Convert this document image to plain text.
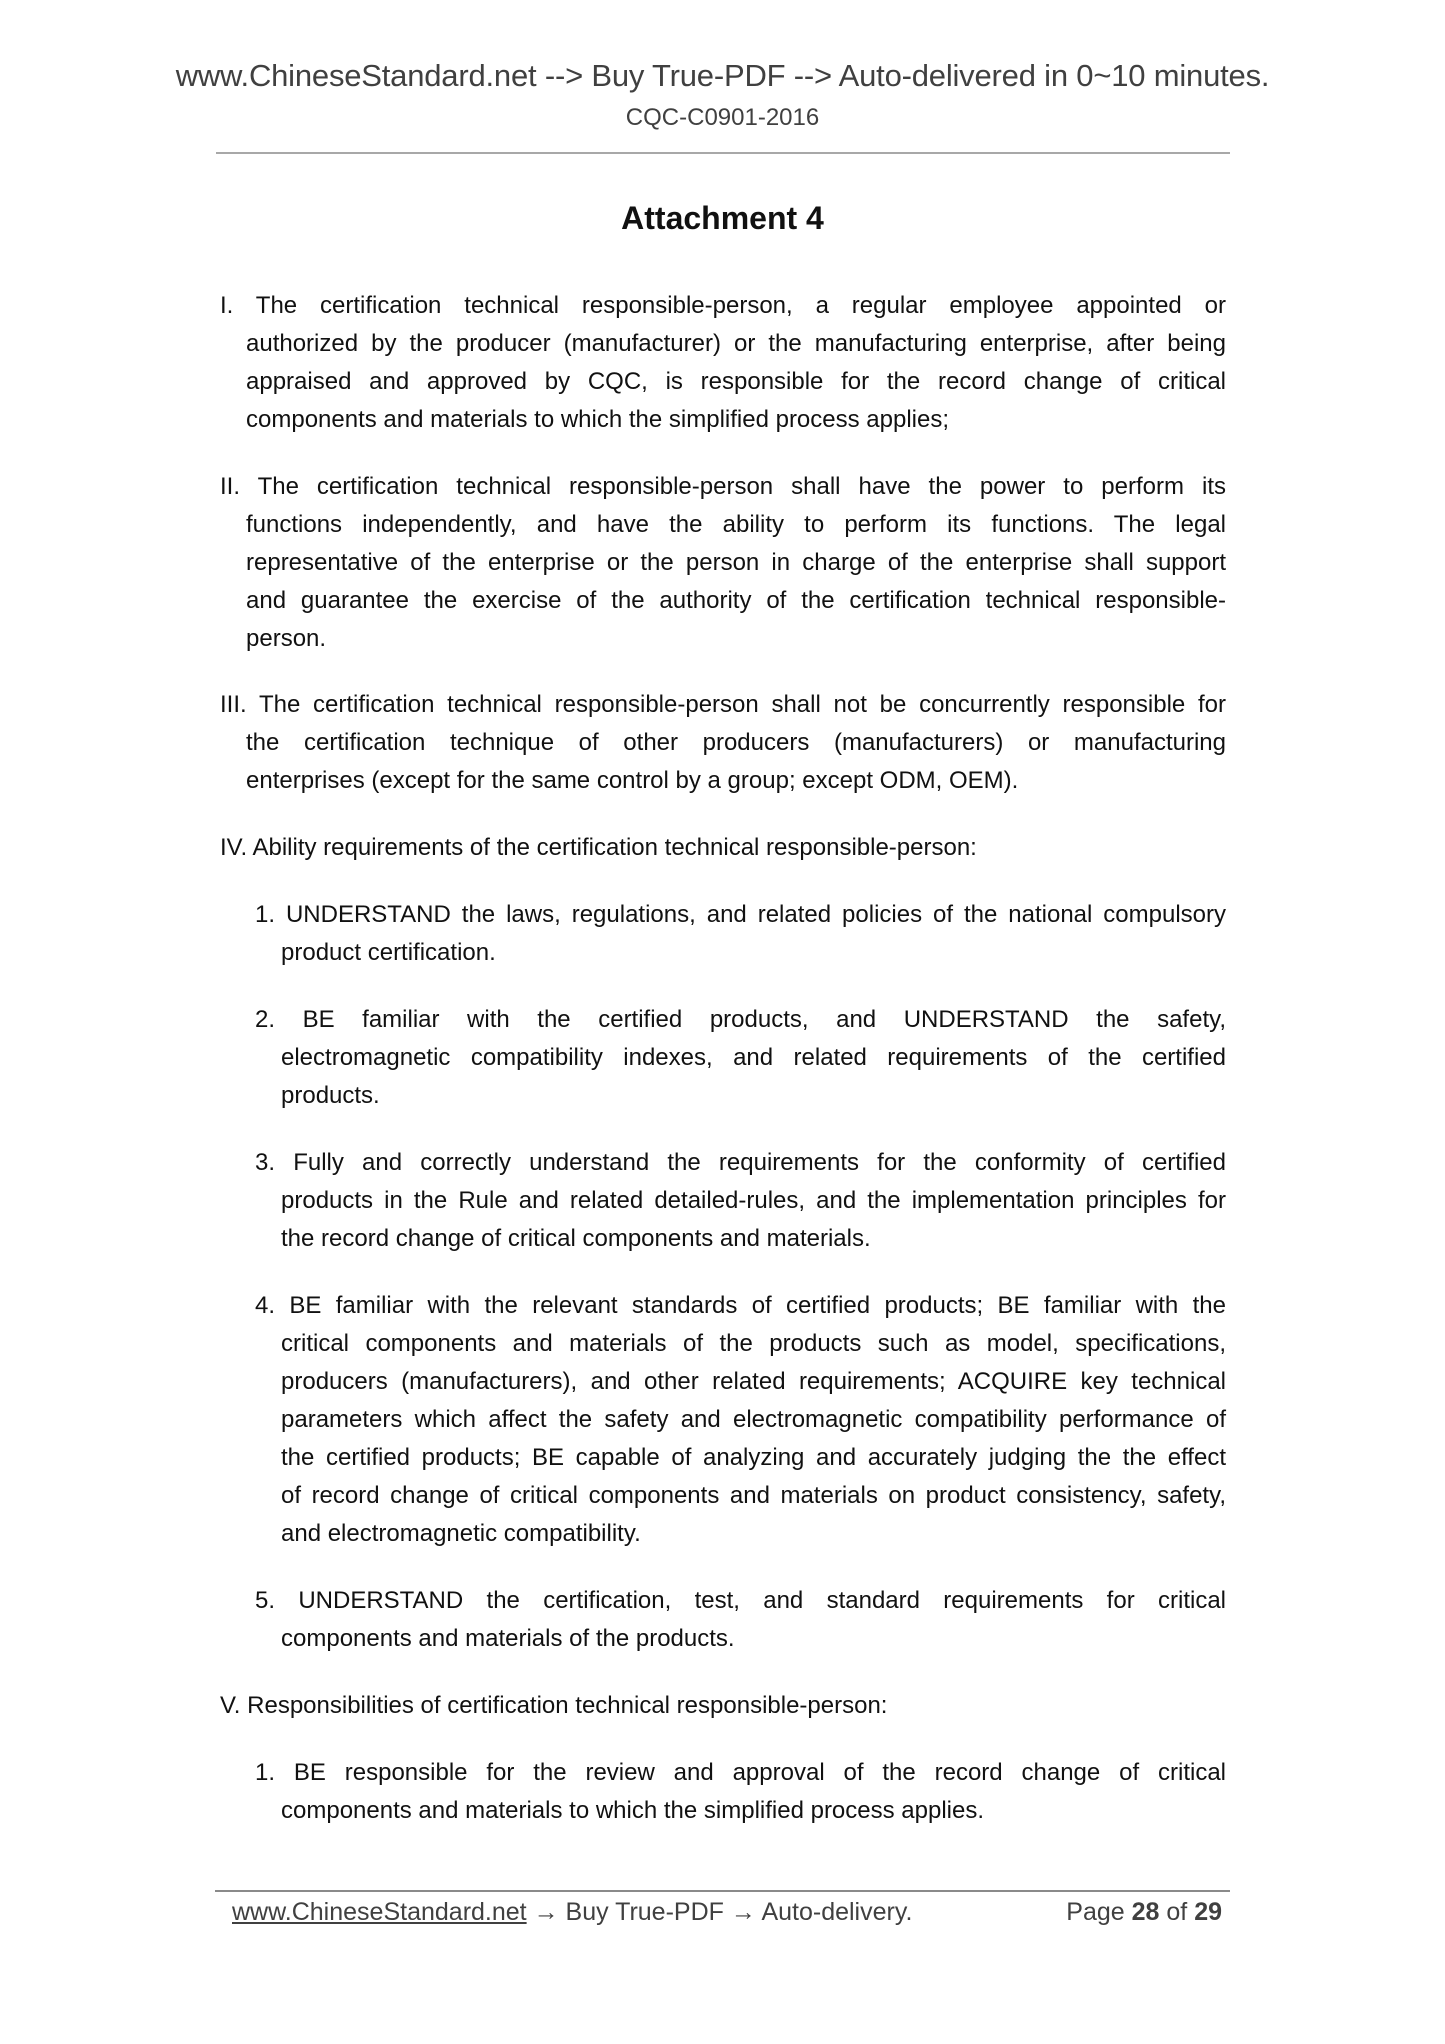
www.ChineseStandard.net --> Buy True-PDF --> Auto-delivered in 0~10 minutes.
CQC-C0901-2016
Attachment 4
I. The certification technical responsible-person, a regular employee appointed or
authorized by the producer (manufacturer) or the manufacturing enterprise, after being
appraised and approved by CQC, is responsible for the record change of critical
components and materials to which the simplified process applies;
II. The certification technical responsible-person shall have the power to perform its
functions independently, and have the ability to perform its functions. The legal
representative of the enterprise or the person in charge of the enterprise shall support
and guarantee the exercise of the authority of the certification technical responsible-
person.
III. The certification technical responsible-person shall not be concurrently responsible for
the certification technique of other producers (manufacturers) or manufacturing
enterprises (except for the same control by a group; except ODM, OEM).
IV. Ability requirements of the certification technical responsible-person:
1. UNDERSTAND the laws, regulations, and related policies of the national compulsory
product certification.
2. BE familiar with the certified products, and UNDERSTAND the safety,
electromagnetic compatibility indexes, and related requirements of the certified
products.
3. Fully and correctly understand the requirements for the conformity of certified
products in the Rule and related detailed-rules, and the implementation principles for
the record change of critical components and materials.
4. BE familiar with the relevant standards of certified products; BE familiar with the
critical components and materials of the products such as model, specifications,
producers (manufacturers), and other related requirements; ACQUIRE key technical
parameters which affect the safety and electromagnetic compatibility performance of
the certified products; BE capable of analyzing and accurately judging the the effect
of record change of critical components and materials on product consistency, safety,
and electromagnetic compatibility.
5. UNDERSTAND the certification, test, and standard requirements for critical
components and materials of the products.
V. Responsibilities of certification technical responsible-person:
1. BE responsible for the review and approval of the record change of critical
components and materials to which the simplified process applies.
www.ChineseStandard.net → Buy True-PDF → Auto-delivery.	Page 28 of 29
